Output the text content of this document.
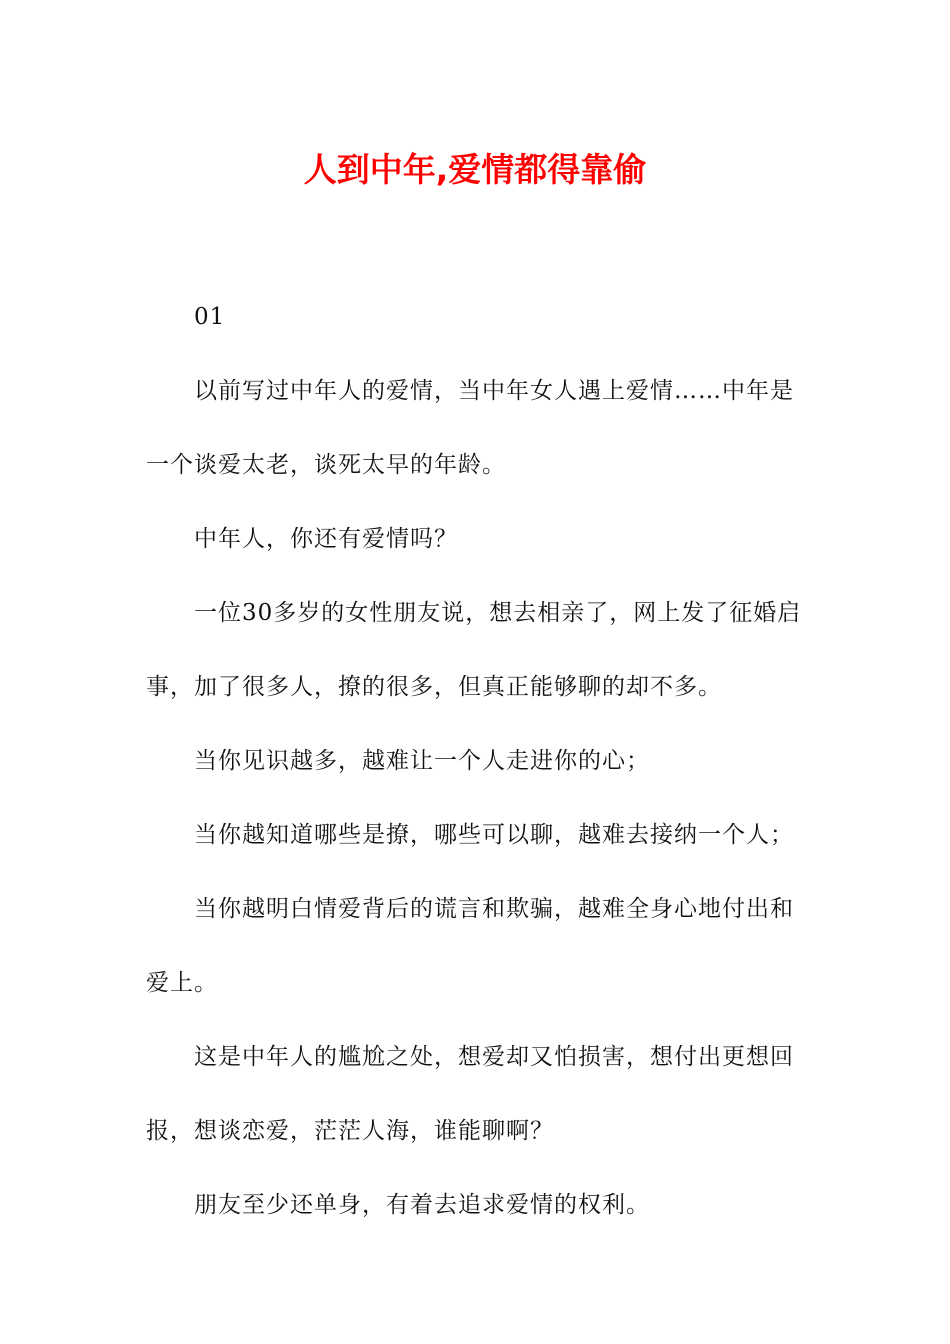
人到中年,爱情都得靠偷

01

以前写过中年人的爱情，当中年女人遇上爱情……中年是一个谈爱太老，谈死太早的年龄。

中年人，你还有爱情吗？

一位30多岁的女性朋友说，想去相亲了，网上发了征婚启事，加了很多人，撩的很多，但真正能够聊的却不多。

当你见识越多，越难让一个人走进你的心；

当你越知道哪些是撩，哪些可以聊，越难去接纳一个人；

当你越明白情爱背后的谎言和欺骗，越难全身心地付出和爱上。

这是中年人的尴尬之处，想爱却又怕损害，想付出更想回报，想谈恋爱，茫茫人海，谁能聊啊？

朋友至少还单身，有着去追求爱情的权利。
